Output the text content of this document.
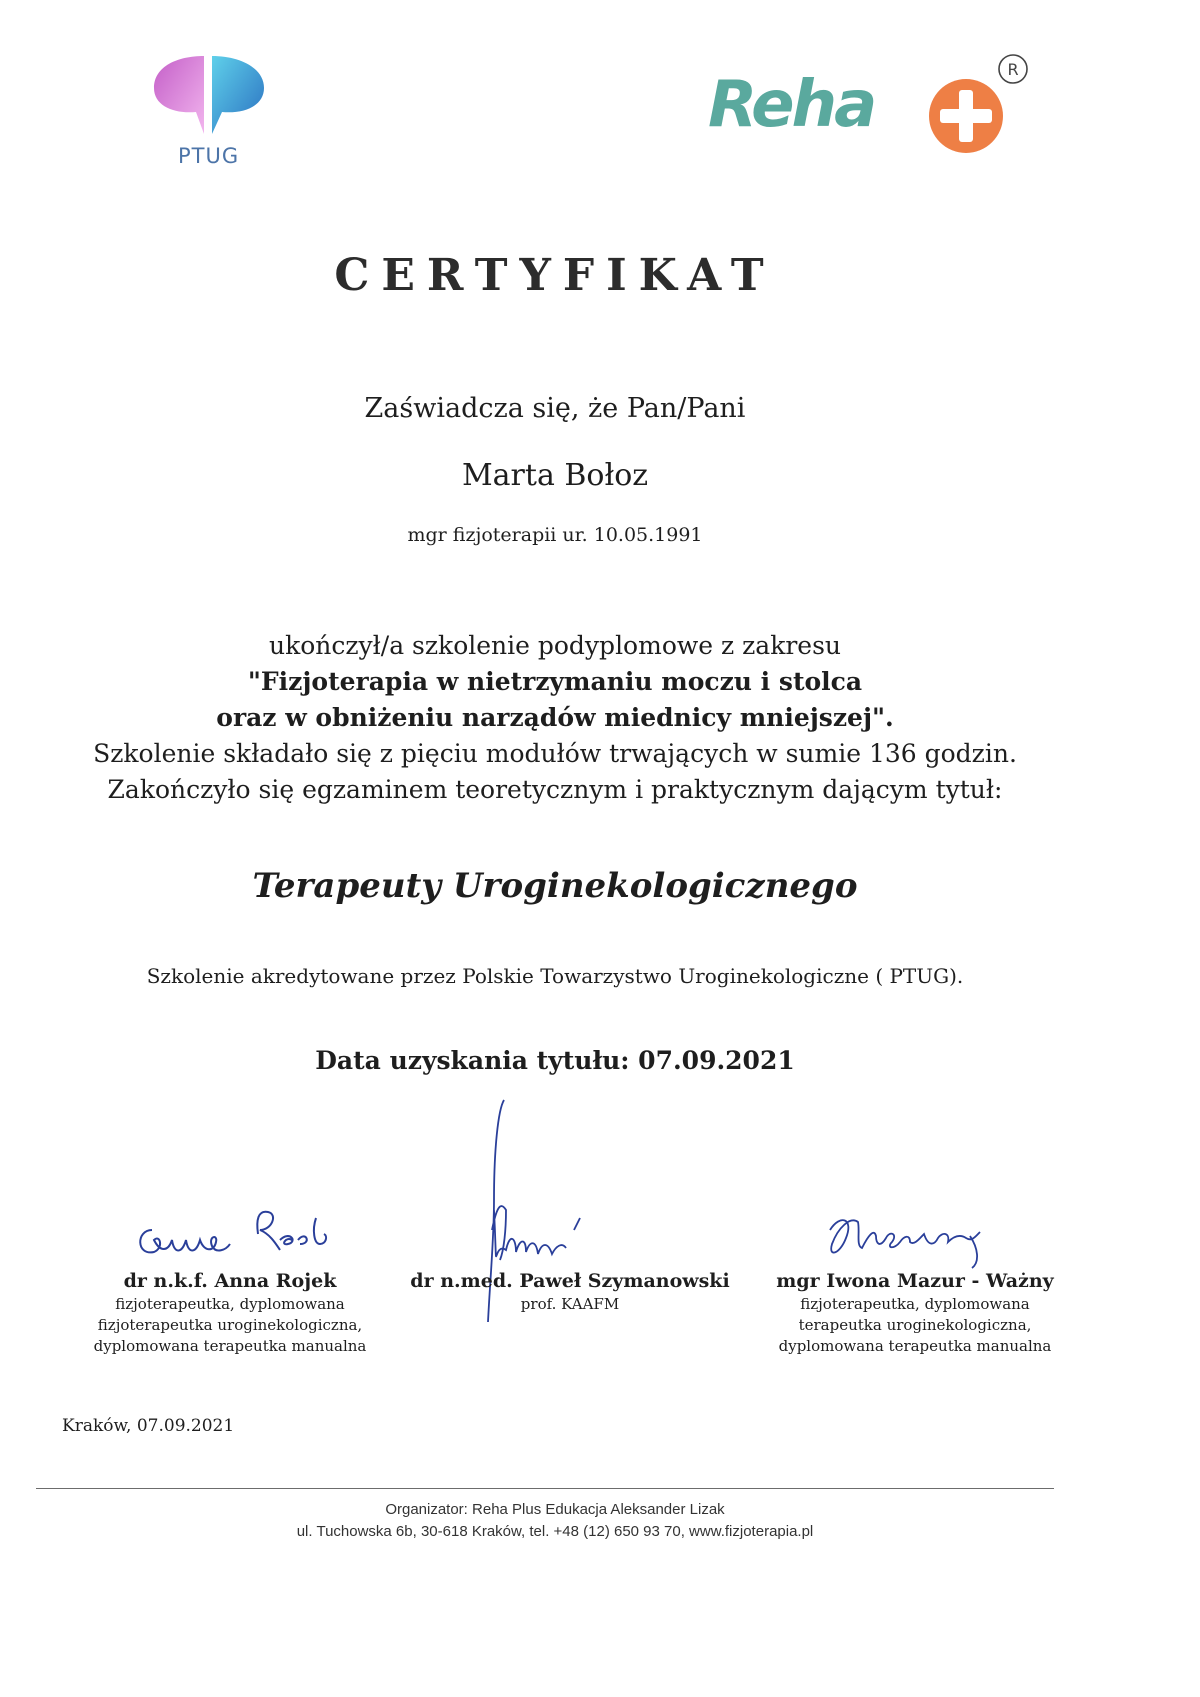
PTUG
Reha	R
CERTYFIKAT
Zaświadcza się, że Pan/Pani
Marta Bołoz
mgr fizjoterapii ur. 10.05.1991
ukończył/a szkolenie podyplomowe z zakresu
"Fizjoterapia w nietrzymaniu moczu i stolca
oraz w obniżeniu narządów miednicy mniejszej".
Szkolenie składało się z pięciu modułów trwających w sumie 136 godzin.
Zakończyło się egzaminem teoretycznym i praktycznym dającym tytuł:
Terapeuty Uroginekologicznego
Szkolenie akredytowane przez Polskie Towarzystwo Uroginekologiczne ( PTUG).
Data uzyskania tytułu: 07.09.2021
dr n.k.f. Anna Rojek
fizjoterapeutka, dyplomowana
fizjoterapeutka uroginekologiczna,
dyplomowana terapeutka manualna
dr n.med. Paweł Szymanowski
prof. KAAFM
mgr Iwona Mazur - Ważny
fizjoterapeutka, dyplomowana
terapeutka uroginekologiczna,
dyplomowana terapeutka manualna
Kraków, 07.09.2021
Organizator: Reha Plus Edukacja Aleksander Lizak
ul. Tuchowska 6b, 30-618 Kraków, tel. +48 (12) 650 93 70, www.fizjoterapia.pl
